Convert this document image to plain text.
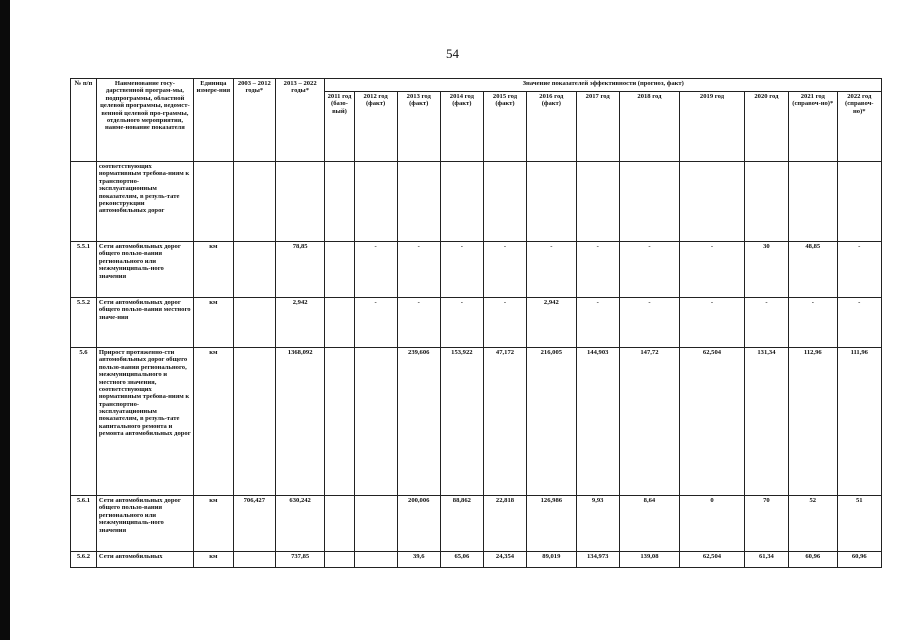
54
№ п/п	Наименование госу-дарственной програм-мы, подпрограммы, областной целевой программы, ведомст-венной целевой про-граммы, отдельного мероприятия, наиме-нование показателя	Единица измере-ния	2003 – 2012 годы*	2013 – 2022 годы*	Значение показателей эффективности (прогноз, факт)											
					2011 год (базо-вый)	2012 год (факт)	2013 год (факт)	2014 год (факт)	2015 год (факт)	2016 год (факт)	2017 год	2018 год	2019 год	2020 год	2021 год (справоч-но)*	2022 год (справоч-но)*
	соответствующих нормативным требова-ниям к транспортно-эксплуатационным показателям, в резуль-тате реконструкции автомобильных дорог															
5.5.1	Сети автомобильных дорог общего пользо-вания регионального или межмуниципаль-ного значения	км		78,85		-	-	-	-	-	-	-	-	30	48,85	-
5.5.2	Сети автомобильных дорог общего пользо-вания местного значе-ния	км		2,942		-	-	-	-	2,942	-	-	-	-	-	-
5.6	Прирост протяженно-сти автомобильных дорог общего пользо-вания регионального, межмуниципального и местного значения, соответствующих нормативным требова-ниям к транспортно-эксплуатационным показателям, в резуль-тате капитального ремонта и ремонта автомобильных дорог	км		1368,092			239,606	153,922	47,172	216,005	144,903	147,72	62,504	131,34	112,96	111,96
5.6.1	Сети автомобильных дорог общего пользо-вания регионального или межмуниципаль-ного значения	км	706,427	630,242			200,006	88,862	22,818	126,986	9,93	8,64	0	70	52	51
5.6.2	Сети автомобильных	км		737,85			39,6	65,06	24,354	89,019	134,973	139,08	62,504	61,34	60,96	60,96
